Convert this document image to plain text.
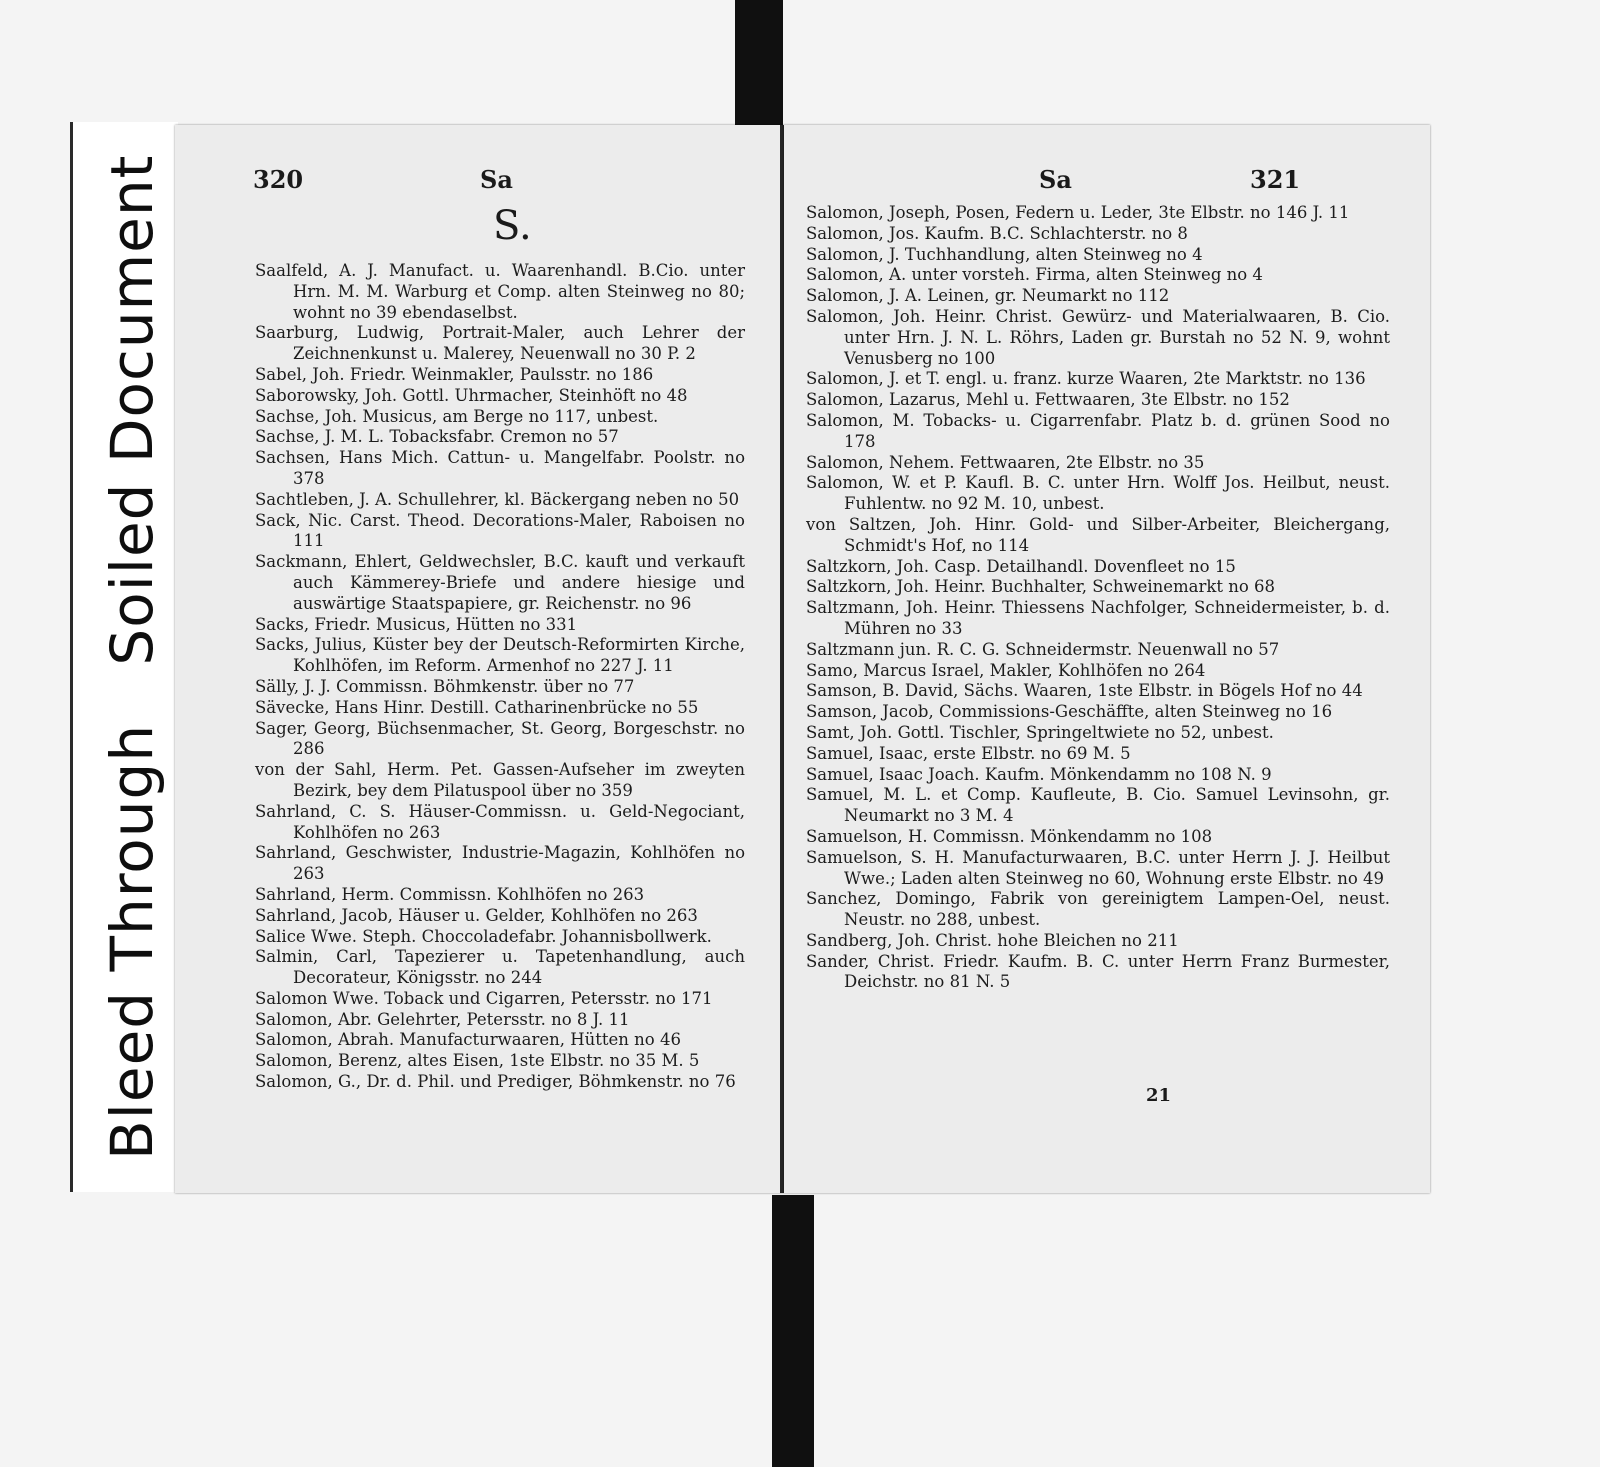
Bleed Through   Soiled Document	320	Sa
S.
Saalfeld, A. J. Manufact. u. Waarenhandl. B.Cio. unter Hrn. M. M. Warburg et Comp. alten Steinweg no 80; wohnt no 39 ebendaselbst.
Saarburg, Ludwig, Portrait-Maler, auch Lehrer der Zeichnenkunst u. Malerey, Neuenwall no 30 P. 2
Sabel, Joh. Friedr. Weinmakler, Paulsstr. no 186
Saborowsky, Joh. Gottl. Uhrmacher, Steinhöft no 48
Sachse, Joh. Musicus, am Berge no 117, unbest.
Sachse, J. M. L. Tobacksfabr. Cremon no 57
Sachsen, Hans Mich. Cattun- u. Mangelfabr. Poolstr. no 378
Sachtleben, J. A. Schullehrer, kl. Bäckergang neben no 50
Sack, Nic. Carst. Theod. Decorations-Maler, Raboisen no 111
Sackmann, Ehlert, Geldwechsler, B.C. kauft und verkauft auch Kämmerey-Briefe und andere hiesige und auswärtige Staatspapiere, gr. Reichenstr. no 96
Sacks, Friedr. Musicus, Hütten no 331
Sacks, Julius, Küster bey der Deutsch-Reformirten Kirche, Kohlhöfen, im Reform. Armenhof no 227 J. 11
Sälly, J. J. Commissn. Böhmkenstr. über no 77
Sävecke, Hans Hinr. Destill. Catharinenbrücke no 55
Sager, Georg, Büchsenmacher, St. Georg, Borgeschstr. no 286
von der Sahl, Herm. Pet. Gassen-Aufseher im zweyten Bezirk, bey dem Pilatuspool über no 359
Sahrland, C. S. Häuser-Commissn. u. Geld-Negociant, Kohlhöfen no 263
Sahrland, Geschwister, Industrie-Magazin, Kohlhöfen no 263
Sahrland, Herm. Commissn. Kohlhöfen no 263
Sahrland, Jacob, Häuser u. Gelder, Kohlhöfen no 263
Salice Wwe. Steph. Choccoladefabr. Johannisbollwerk.
Salmin, Carl, Tapezierer u. Tapetenhandlung, auch Decorateur, Königsstr. no 244
Salomon Wwe. Toback und Cigarren, Petersstr. no 171
Salomon, Abr. Gelehrter, Petersstr. no 8 J. 11
Salomon, Abrah. Manufacturwaaren, Hütten no 46
Salomon, Berenz, altes Eisen, 1ste Elbstr. no 35 M. 5
Salomon, G., Dr. d. Phil. und Prediger, Böhmkenstr. no 76
Sa	321
Salomon, Joseph, Posen, Federn u. Leder, 3te Elbstr. no 146 J. 11
Salomon, Jos. Kaufm. B.C. Schlachterstr. no 8
Salomon, J. Tuchhandlung, alten Steinweg no 4
Salomon, A. unter vorsteh. Firma, alten Steinweg no 4
Salomon, J. A. Leinen, gr. Neumarkt no 112
Salomon, Joh. Heinr. Christ. Gewürz- und Materialwaaren, B. Cio. unter Hrn. J. N. L. Röhrs, Laden gr. Burstah no 52 N. 9, wohnt Venusberg no 100
Salomon, J. et T. engl. u. franz. kurze Waaren, 2te Marktstr. no 136
Salomon, Lazarus, Mehl u. Fettwaaren, 3te Elbstr. no 152
Salomon, M. Tobacks- u. Cigarrenfabr. Platz b. d. grünen Sood no 178
Salomon, Nehem. Fettwaaren, 2te Elbstr. no 35
Salomon, W. et P. Kaufl. B. C. unter Hrn. Wolff Jos. Heilbut, neust. Fuhlentw. no 92 M. 10, unbest.
von Saltzen, Joh. Hinr. Gold- und Silber-Arbeiter, Bleichergang, Schmidt's Hof, no 114
Saltzkorn, Joh. Casp. Detailhandl. Dovenfleet no 15
Saltzkorn, Joh. Heinr. Buchhalter, Schweinemarkt no 68
Saltzmann, Joh. Heinr. Thiessens Nachfolger, Schneidermeister, b. d. Mühren no 33
Saltzmann jun. R. C. G. Schneidermstr. Neuenwall no 57
Samo, Marcus Israel, Makler, Kohlhöfen no 264
Samson, B. David, Sächs. Waaren, 1ste Elbstr. in Bögels Hof no 44
Samson, Jacob, Commissions-Geschäffte, alten Steinweg no 16
Samt, Joh. Gottl. Tischler, Springeltwiete no 52, unbest.
Samuel, Isaac, erste Elbstr. no 69 M. 5
Samuel, Isaac Joach. Kaufm. Mönkendamm no 108 N. 9
Samuel, M. L. et Comp. Kaufleute, B. Cio. Samuel Levinsohn, gr. Neumarkt no 3 M. 4
Samuelson, H. Commissn. Mönkendamm no 108
Samuelson, S. H. Manufacturwaaren, B.C. unter Herrn J. J. Heilbut Wwe.; Laden alten Steinweg no 60, Wohnung erste Elbstr. no 49
Sanchez, Domingo, Fabrik von gereinigtem Lampen-Oel, neust. Neustr. no 288, unbest.
Sandberg, Joh. Christ. hohe Bleichen no 211
Sander, Christ. Friedr. Kaufm. B. C. unter Herrn Franz Burmester, Deichstr. no 81 N. 5
21
